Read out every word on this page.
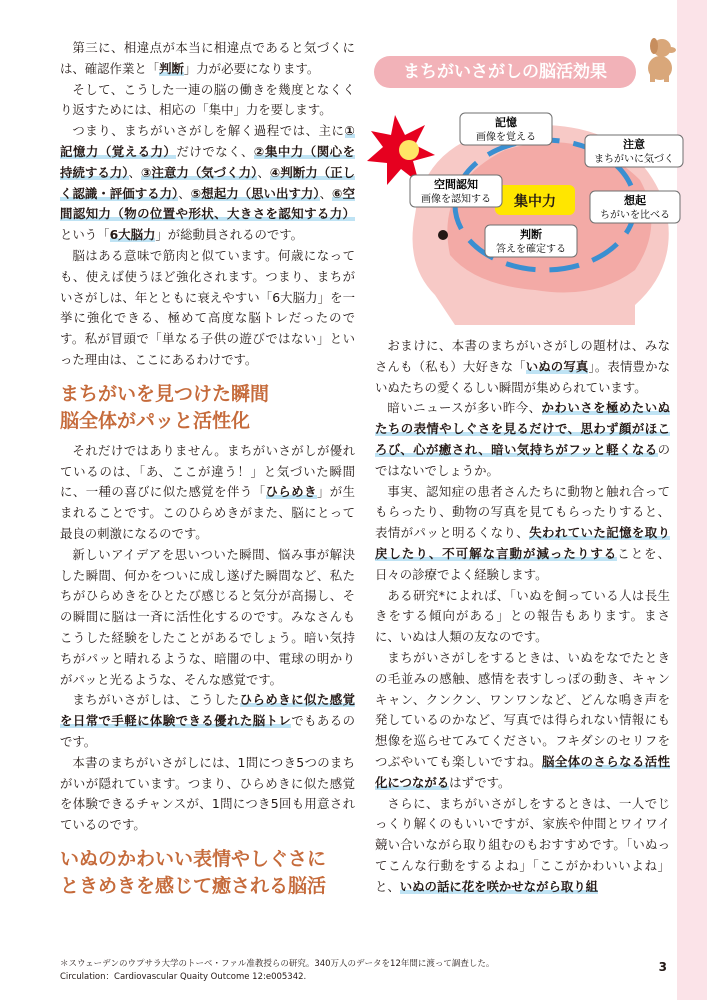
第三に、相違点が本当に相違点であると気づくには、確認作業と「判断」力が必要になります。

そして、こうした一連の脳の働きを幾度となくくり返すためには、相応の「集中」力を要します。

つまり、まちがいさがしを解く過程では、主に①記憶力（覚える力）だけでなく、②集中力（関心を持続する力）、③注意力（気づく力）、④判断力（正しく認識・評価する力）、⑤想起力（思い出す力）、⑥空間認知力（物の位置や形状、大きさを認知する力）という「6大脳力」が総動員されるのです。

脳はある意味で筋肉と似ています。何歳になっても、使えば使うほど強化されます。つまり、まちがいさがしは、年とともに衰えやすい「6大脳力」を一挙に強化できる、極めて高度な脳トレだったのです。私が冒頭で「単なる子供の遊びではない」といった理由は、ここにあるわけです。

まちがいを見つけた瞬間
脳全体がパッと活性化

それだけではありません。まちがいさがしが優れているのは、「あ、ここが違う！」と気づいた瞬間に、一種の喜びに似た感覚を伴う「ひらめき」が生まれることです。このひらめきがまた、脳にとって最良の刺激になるのです。

新しいアイデアを思いついた瞬間、悩み事が解決した瞬間、何かをついに成し遂げた瞬間など、私たちがひらめきをひとたび感じると気分が高揚し、その瞬間に脳は一斉に活性化するのです。みなさんもこうした経験をしたことがあるでしょう。暗い気持ちがパッと晴れるような、暗闇の中、電球の明かりがパッと光るような、そんな感覚です。

まちがいさがしは、こうしたひらめきに似た感覚を日常で手軽に体験できる優れた脳トレでもあるのです。

本書のまちがいさがしには、1問につき5つのまちがいが隠れています。つまり、ひらめきに似た感覚を体験できるチャンスが、1問につき5回も用意されているのです。

いぬのかわいい表情やしぐさに
ときめきを感じて癒される脳活
まちがいさがしの脳活効果
集中力
記憶
画像を覚える
注意
まちがいに気づく
想起
ちがいを比べる
判断
答えを確定する
空間認知
画像を認知する

おまけに、本書のまちがいさがしの題材は、みなさんも（私も）大好きな「いぬの写真」。表情豊かないぬたちの愛くるしい瞬間が集められています。

暗いニュースが多い昨今、かわいさを極めたいぬたちの表情やしぐさを見るだけで、思わず顔がほころび、心が癒され、暗い気持ちがフッと軽くなるのではないでしょうか。

事実、認知症の患者さんたちに動物と触れ合ってもらったり、動物の写真を見てもらったりすると、表情がパッと明るくなり、失われていた記憶を取り戻したり、不可解な言動が減ったりすることを、日々の診療でよく経験します。

ある研究*によれば、「いぬを飼っている人は長生きをする傾向がある」との報告もあります。まさに、いぬは人類の友なのです。

まちがいさがしをするときは、いぬをなでたときの毛並みの感触、感情を表すしっぽの動き、キャンキャン、クンクン、ワンワンなど、どんな鳴き声を発しているのかなど、写真では得られない情報にも想像を巡らせてみてください。フキダシのセリフをつぶやいても楽しいですね。脳全体のさらなる活性化につながるはずです。

さらに、まちがいさがしをするときは、一人でじっくり解くのもいいですが、家族や仲間とワイワイ競い合いながら取り組むのもおすすめです。「いぬってこんな行動をするよね」「ここがかわいいよね」と、いぬの話に花を咲かせながら取り組

＊スウェーデンのウプサラ大学のトーベ・ファル准教授らの研究。340万人のデータを12年間に渡って調査した。
Circulation：Cardiovascular Quaity Outcome 12:e005342.
3
